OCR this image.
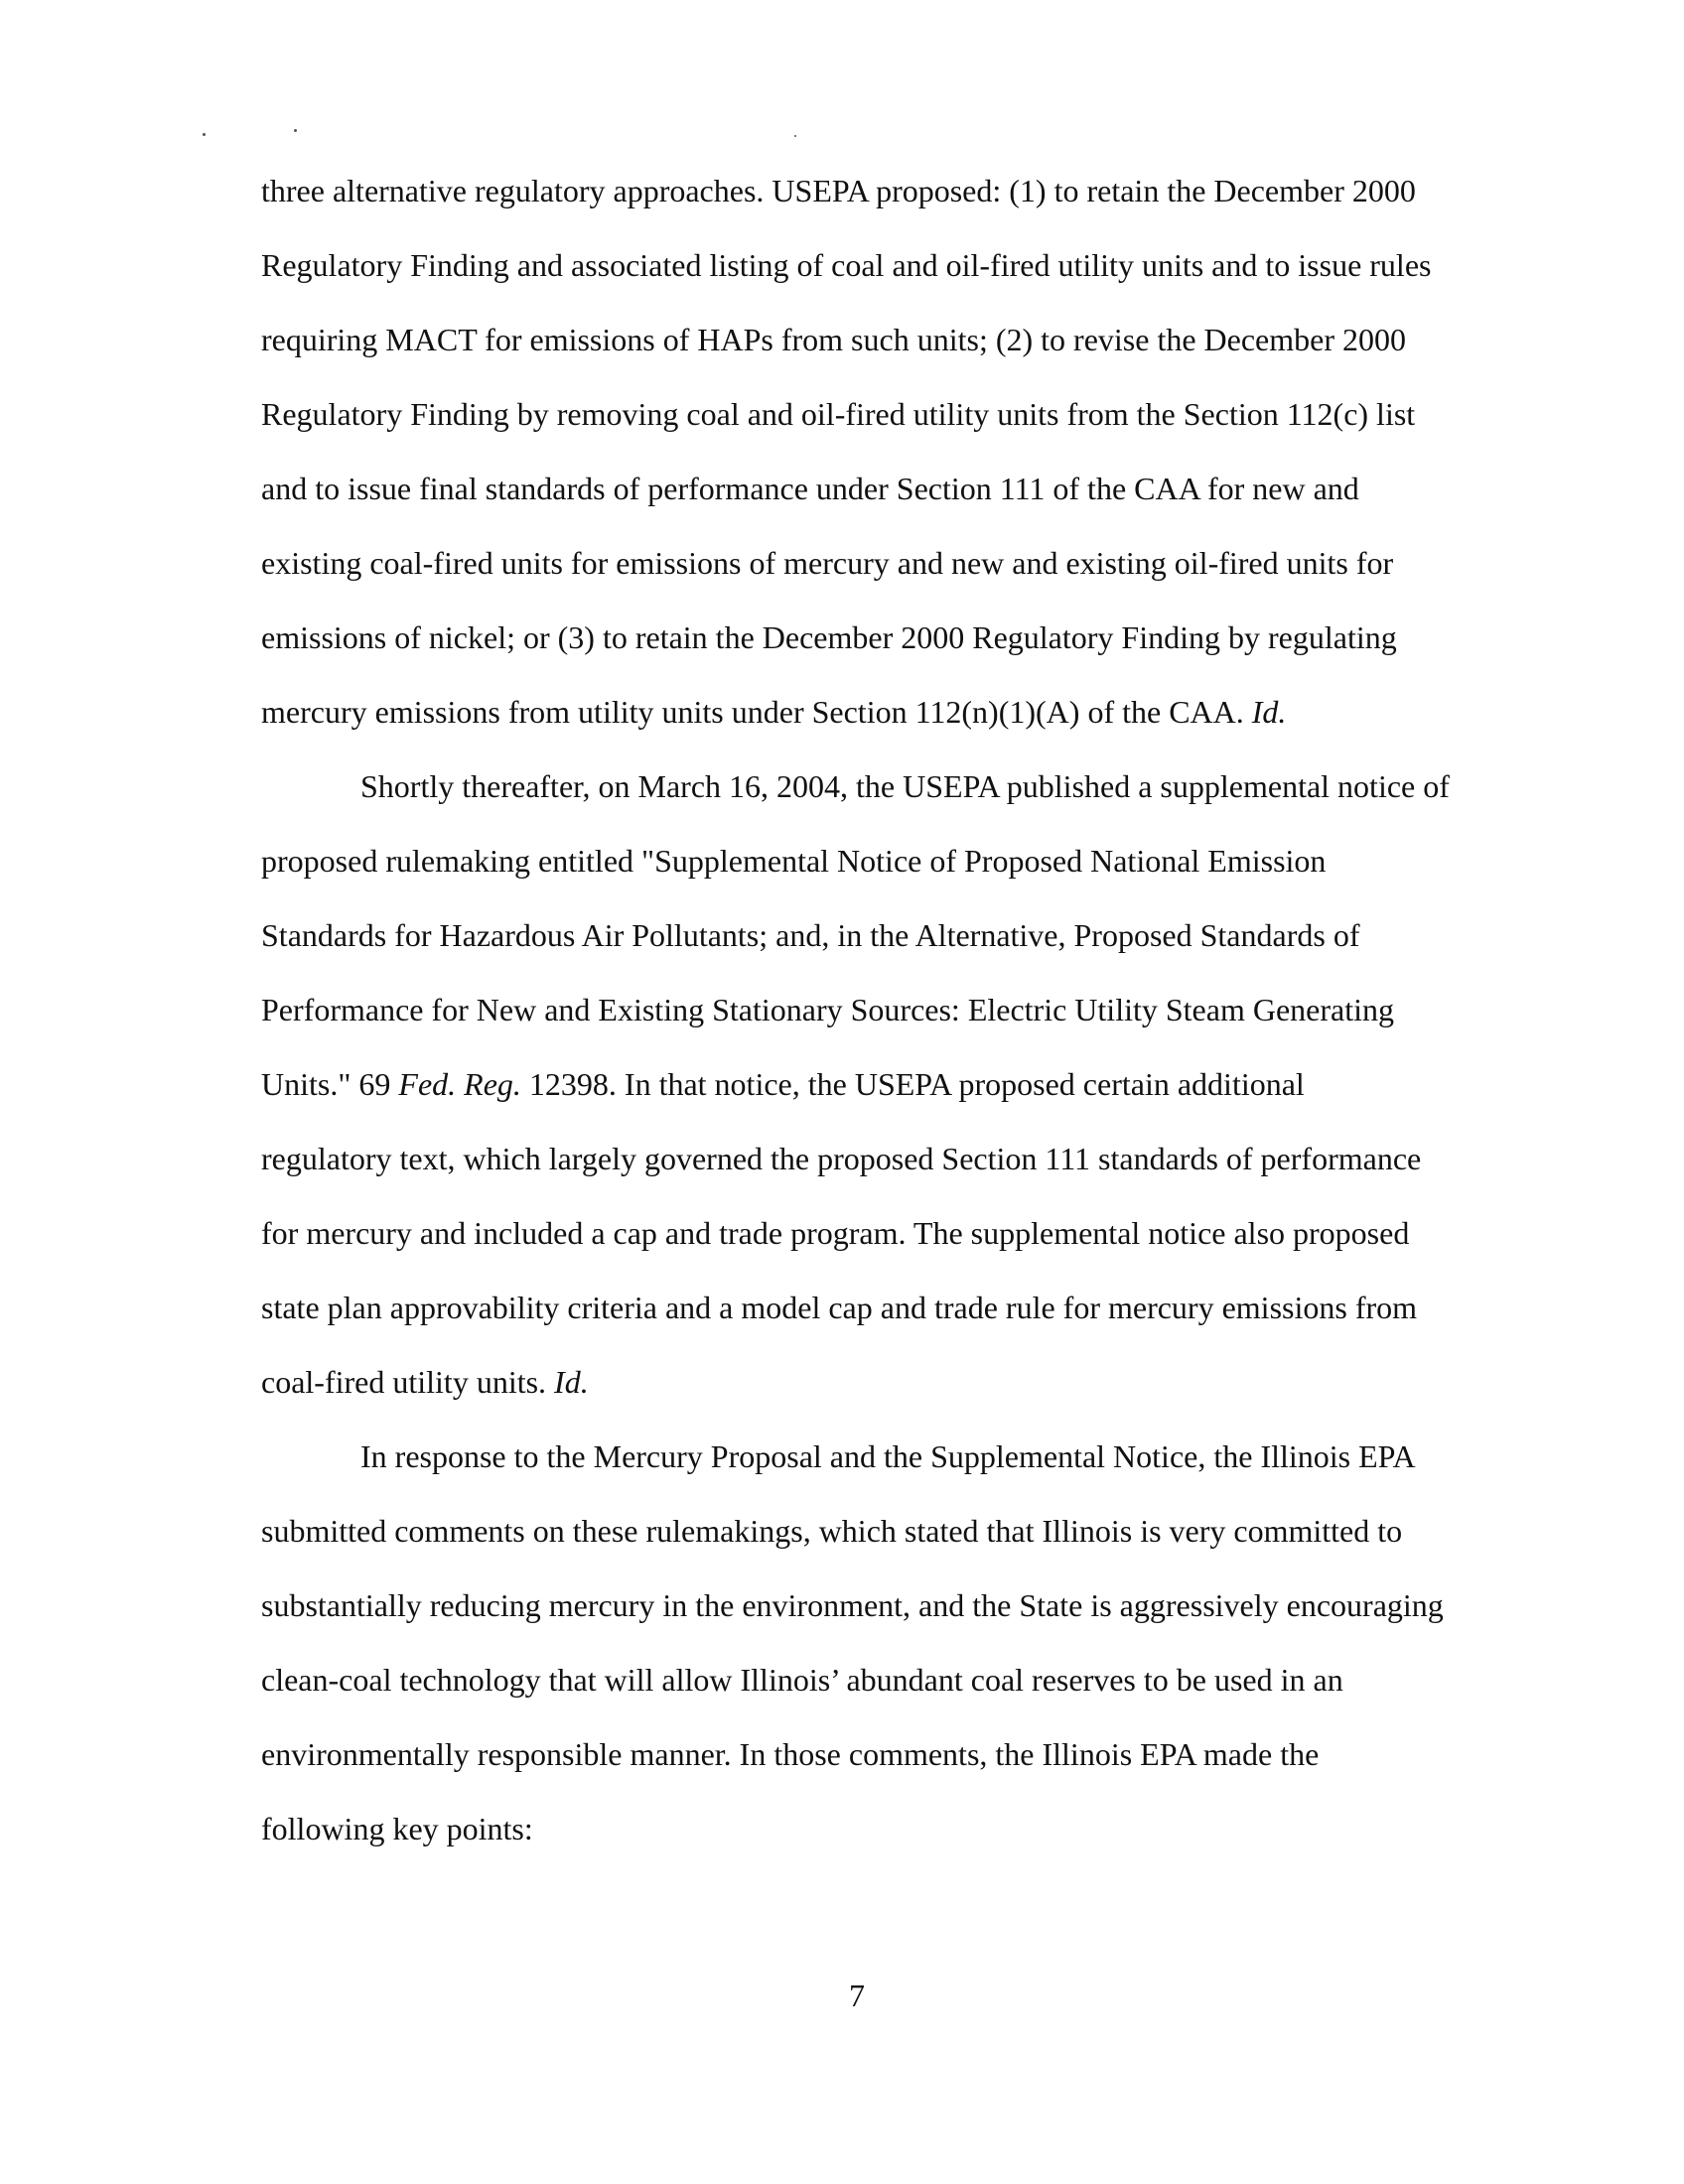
three alternative regulatory approaches. USEPA proposed: (1) to retain the December 2000
Regulatory Finding and associated listing of coal and oil-fired utility units and to issue rules
requiring MACT for emissions of HAPs from such units; (2) to revise the December 2000
Regulatory Finding by removing coal and oil-fired utility units from the Section 112(c) list
and to issue final standards of performance under Section 111 of the CAA for new and
existing coal-fired units for emissions of mercury and new and existing oil-fired units for
emissions of nickel; or (3) to retain the December 2000 Regulatory Finding by regulating
mercury emissions from utility units under Section 112(n)(1)(A) of the CAA. Id.
Shortly thereafter, on March 16, 2004, the USEPA published a supplemental notice of
proposed rulemaking entitled "Supplemental Notice of Proposed National Emission
Standards for Hazardous Air Pollutants; and, in the Alternative, Proposed Standards of
Performance for New and Existing Stationary Sources: Electric Utility Steam Generating
Units." 69 Fed. Reg. 12398. In that notice, the USEPA proposed certain additional
regulatory text, which largely governed the proposed Section 111 standards of performance
for mercury and included a cap and trade program. The supplemental notice also proposed
state plan approvability criteria and a model cap and trade rule for mercury emissions from
coal-fired utility units. Id.
In response to the Mercury Proposal and the Supplemental Notice, the Illinois EPA
submitted comments on these rulemakings, which stated that Illinois is very committed to
substantially reducing mercury in the environment, and the State is aggressively encouraging
clean-coal technology that will allow Illinois’ abundant coal reserves to be used in an
environmentally responsible manner. In those comments, the Illinois EPA made the
following key points:
7
